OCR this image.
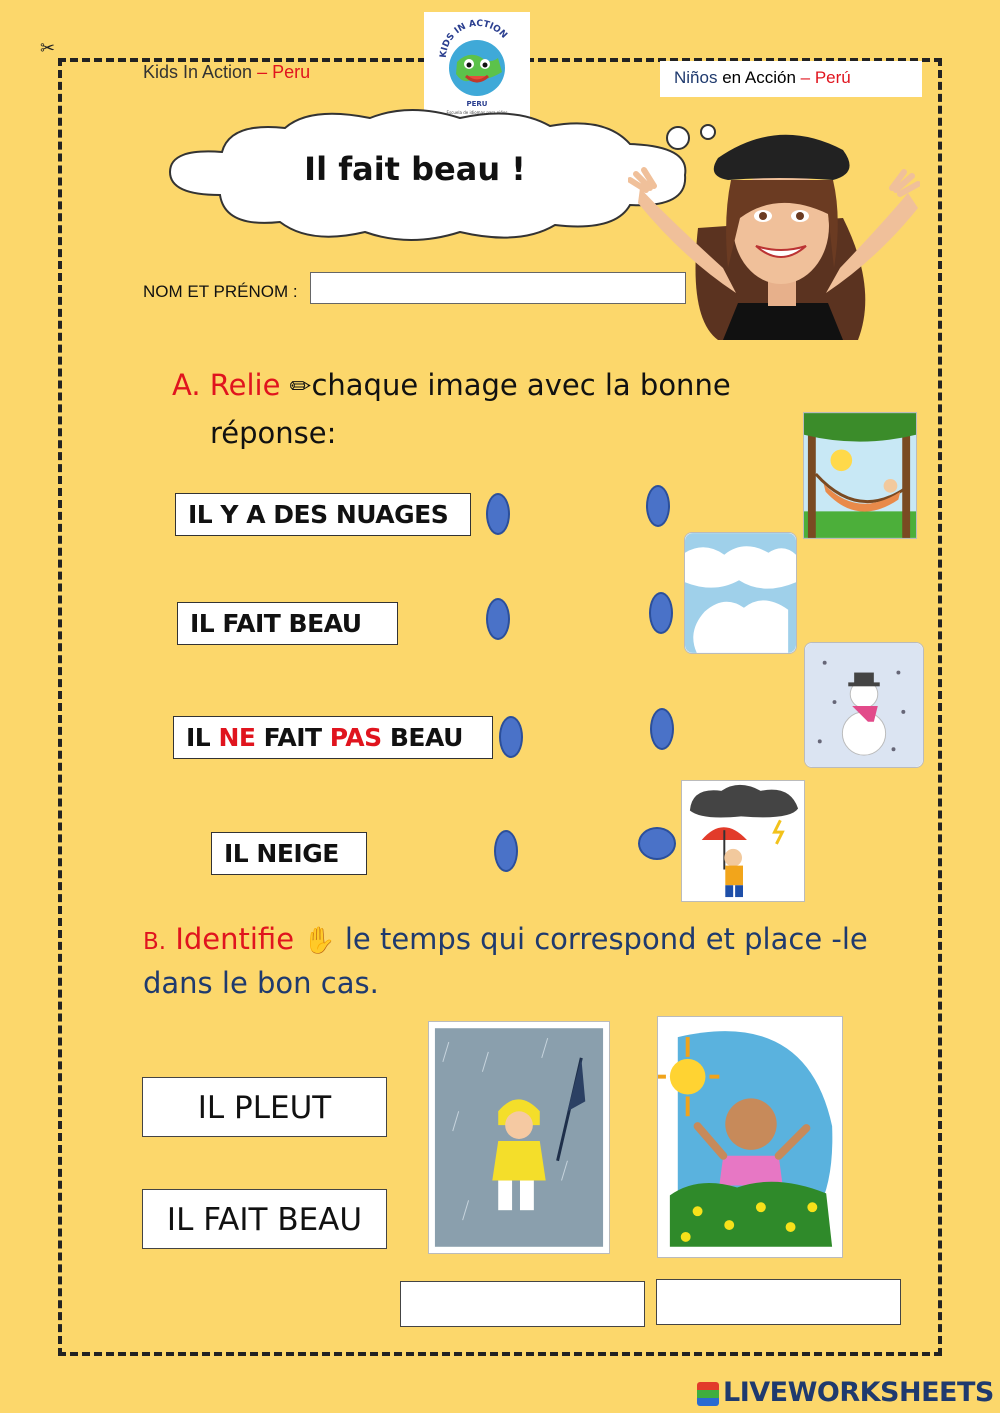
✂
Kids In Action – Peru
KIDS IN ACTION
PERU
Escuela de idiomas para niños
Niños en Acción – Perú
Il fait beau !
NOM ET PRÉNOM :
A. Relie ✏chaque image avec la bonne
réponse:
IL Y A DES NUAGES
IL FAIT BEAU
IL NE FAIT PAS BEAU
IL NEIGE
B. Identifie ✋ le temps qui correspond et place -le
dans le bon cas.
IL PLEUT
IL FAIT BEAU
LIVEWORKSHEETS
